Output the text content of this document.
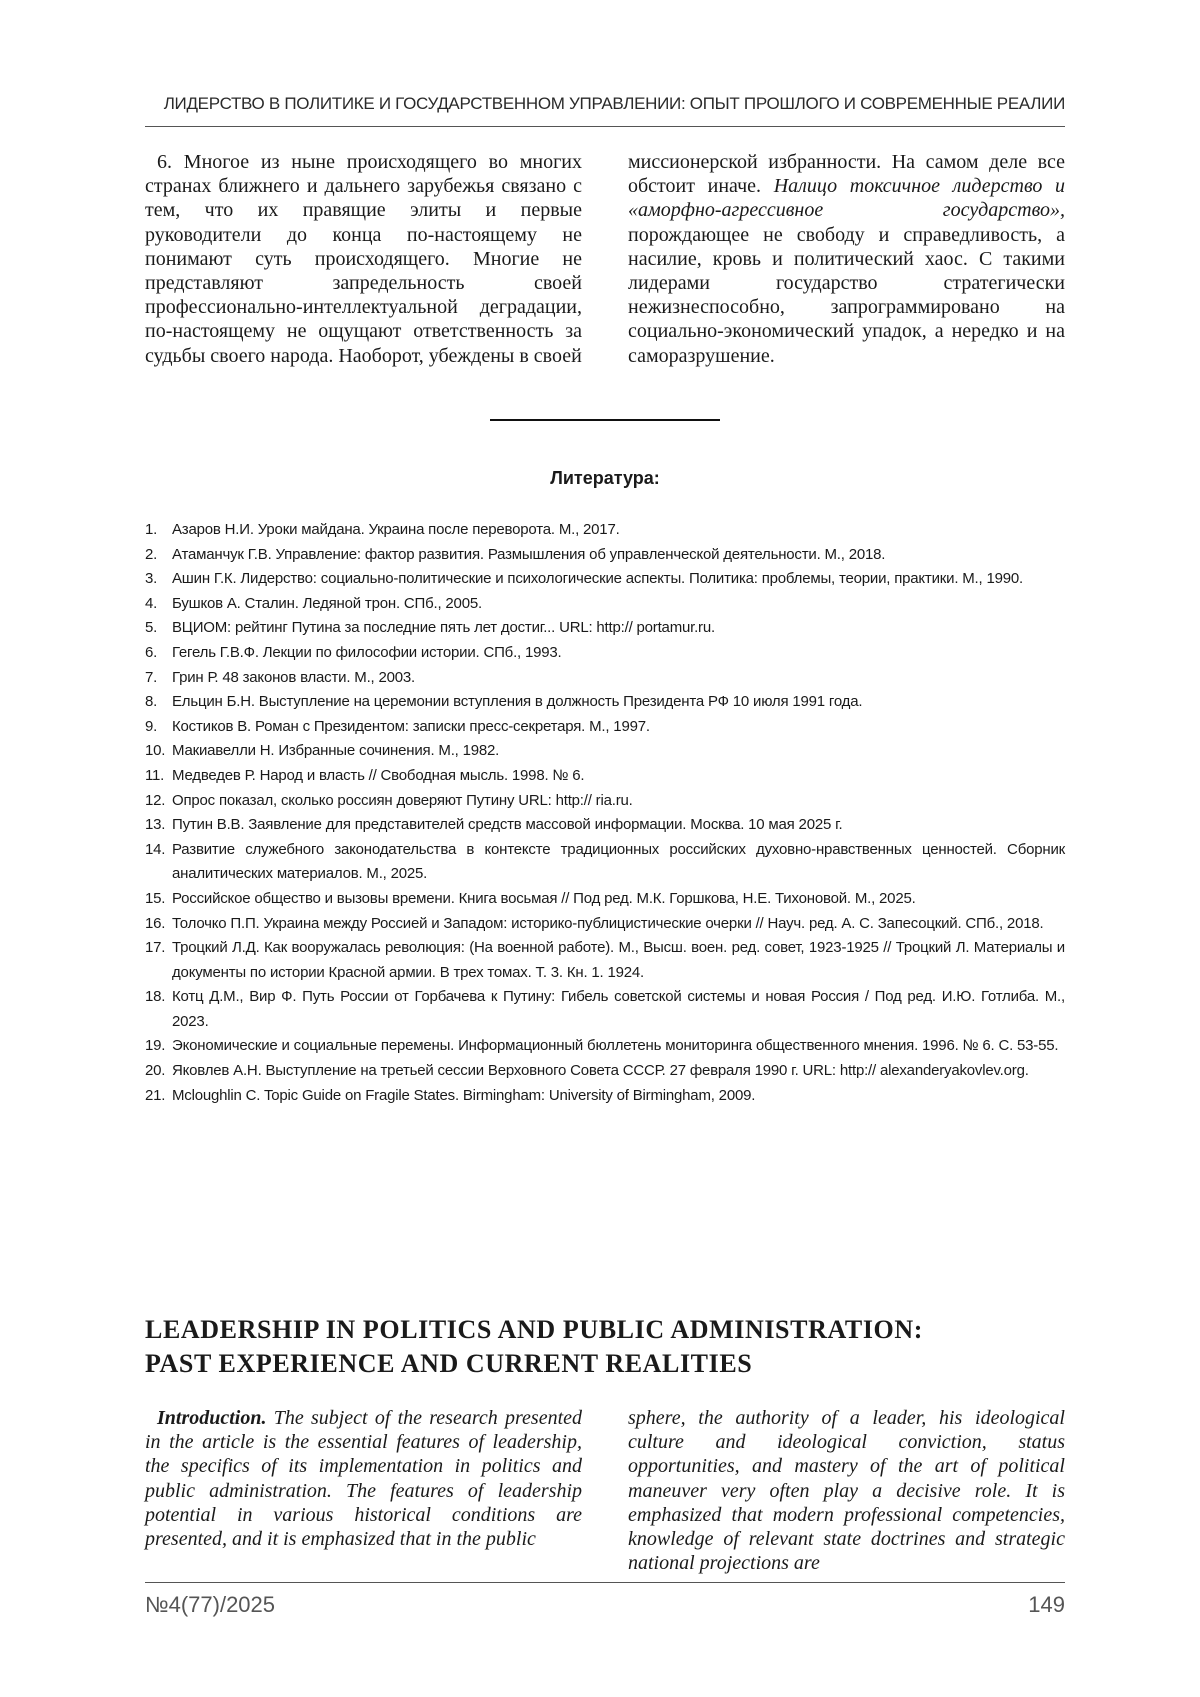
ЛИДЕРСТВО В ПОЛИТИКЕ И ГОСУДАРСТВЕННОМ УПРАВЛЕНИИ: ОПЫТ ПРОШЛОГО И СОВРЕМЕННЫЕ РЕАЛИИ

6. Многое из ныне происходящего во многих странах ближнего и дальнего зарубежья связано с тем, что их правящие элиты и первые руководители до конца по-настоящему не понимают суть происходящего. Многие не представляют запредельность своей профессионально-интеллектуальной деградации, по-настоящему не ощущают ответственность за судьбы своего народа. Наоборот, убеждены в своей

миссионерской избранности. На самом деле все обстоит иначе. Налицо токсичное лидерство и «аморфно-агрессивное государство», порождающее не свободу и справедливость, а насилие, кровь и политический хаос. С такими лидерами государство стратегически нежизнеспособно, запрограммировано на социально-экономический упадок, а нередко и на саморазрушение.

Литература:
1. Азаров Н.И. Уроки майдана. Украина после переворота. М., 2017.
2. Атаманчук Г.В. Управление: фактор развития. Размышления об управленческой деятельности. М., 2018.
3. Ашин Г.К. Лидерство: социально-политические и психологические аспекты. Политика: проблемы, теории, практики. М., 1990.
4. Бушков А. Сталин. Ледяной трон. СПб., 2005.
5. ВЦИОМ: рейтинг Путина за последние пять лет достиг... URL: http:// portamur.ru.
6. Гегель Г.В.Ф. Лекции по философии истории. СПб., 1993.
7. Грин Р. 48 законов власти. М., 2003.
8. Ельцин Б.Н. Выступление на церемонии вступления в должность Президента РФ 10 июля 1991 года.
9. Костиков В. Роман с Президентом: записки пресс-секретаря. М., 1997.
10. Макиавелли Н. Избранные сочинения. М., 1982.
11. Медведев Р. Народ и власть // Свободная мысль. 1998. № 6.
12. Опрос показал, сколько россиян доверяют Путину URL: http:// ria.ru.
13. Путин В.В. Заявление для представителей средств массовой информации. Москва. 10 мая 2025 г.
14. Развитие служебного законодательства в контексте традиционных российских духовно-нравственных ценностей. Сборник аналитических материалов. М., 2025.
15. Российское общество и вызовы времени. Книга восьмая // Под ред. М.К. Горшкова, Н.Е. Тихоновой. М., 2025.
16. Толочко П.П. Украина между Россией и Западом: историко-публицистические очерки // Науч. ред. А. С. Запесоцкий. СПб., 2018.
17. Троцкий Л.Д. Как вооружалась революция: (На военной работе). М., Высш. воен. ред. совет, 1923-1925 // Троцкий Л. Материалы и документы по истории Красной армии. В трех томах. Т. 3. Кн. 1. 1924.
18. Котц Д.М., Вир Ф. Путь России от Горбачева к Путину: Гибель советской системы и новая Россия / Под ред. И.Ю. Готлиба. М., 2023.
19. Экономические и социальные перемены. Информационный бюллетень мониторинга общественного мнения. 1996. № 6. С. 53-55.
20. Яковлев А.Н. Выступление на третьей сессии Верховного Совета СССР. 27 февраля 1990 г. URL: http:// alexanderyakovlev.org.
21. Mcloughlin C. Topic Guide on Fragile States. Birmingham: University of Birmingham, 2009.
LEADERSHIP IN POLITICS AND PUBLIC ADMINISTRATION:
PAST EXPERIENCE AND CURRENT REALITIES

Introduction. The subject of the research presented in the article is the essential features of leadership, the specifics of its implementation in politics and public administration. The features of leadership potential in various historical conditions are presented, and it is emphasized that in the public

sphere, the authority of a leader, his ideological culture and ideological conviction, status opportunities, and mastery of the art of political maneuver very often play a decisive role. It is emphasized that modern professional competencies, knowledge of relevant state doctrines and strategic national projections are

№4(77)/2025	149
